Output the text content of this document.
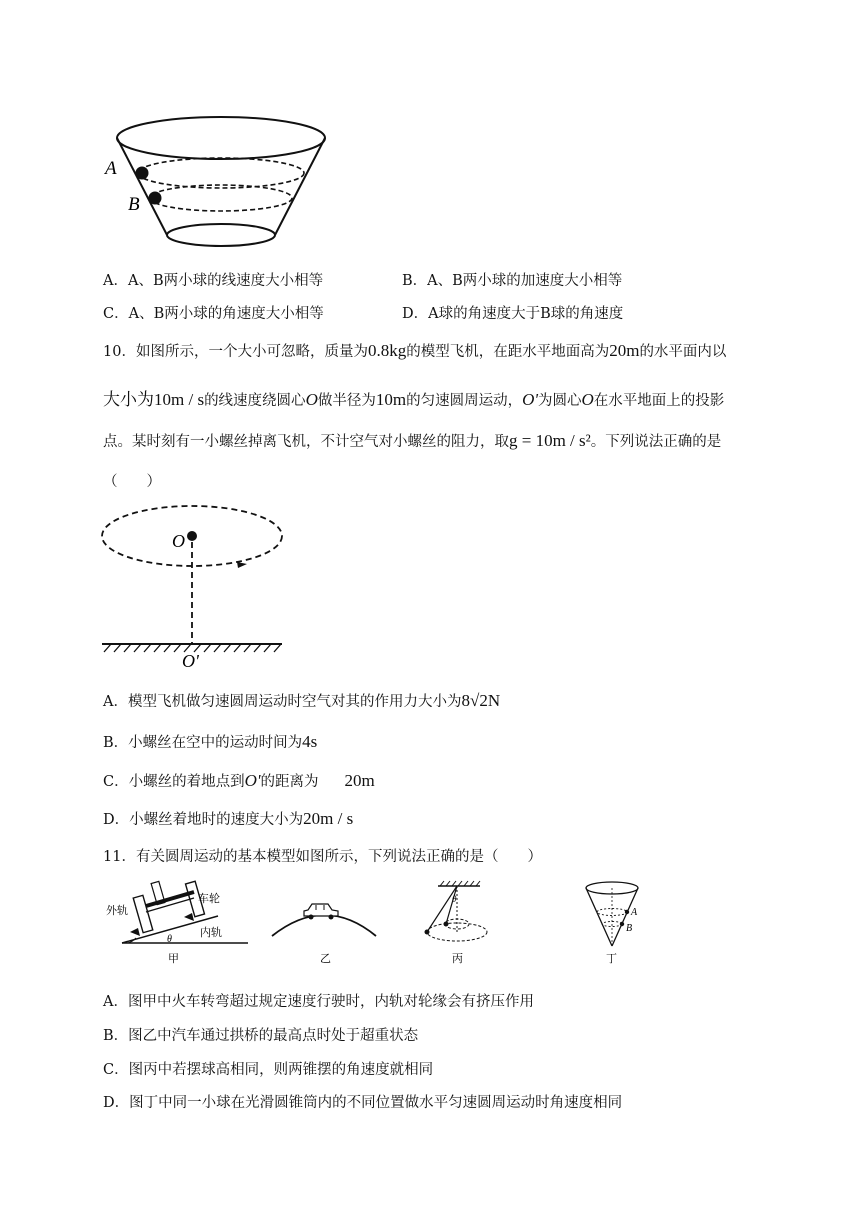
A
B
A．A、B两小球的线速度大小相等	B．A、B两小球的加速度大小相等
C．A、B两小球的角速度大小相等	D．A球的角速度大于B球的角速度
10．如图所示，一个大小可忽略，质量为0.8kg的模型飞机，在距水平地面高为20m的水平面内以
大小为10m / s的线速度绕圆心O做半径为10m的匀速圆周运动，O'为圆心O在水平地面上的投影
点。某时刻有一小螺丝掉离飞机，不计空气对小螺丝的阻力，取g = 10m / s²。下列说法正确的是
（　　）
O
O'
A．模型飞机做匀速圆周运动时空气对其的作用力大小为8√2N
B．小螺丝在空中的运动时间为4s
C．小螺丝的着地点到O'的距离为 20m
D．小螺丝着地时的速度大小为20m / s
11．有关圆周运动的基本模型如图所示，下列说法正确的是（　　）
外轨
车轮
内轨
θ
甲	乙
θ
丙
A
B
丁
A．图甲中火车转弯超过规定速度行驶时，内轨对轮缘会有挤压作用
B．图乙中汽车通过拱桥的最高点时处于超重状态
C．图丙中若摆球高相同，则两锥摆的角速度就相同
D．图丁中同一小球在光滑圆锥筒内的不同位置做水平匀速圆周运动时角速度相同
